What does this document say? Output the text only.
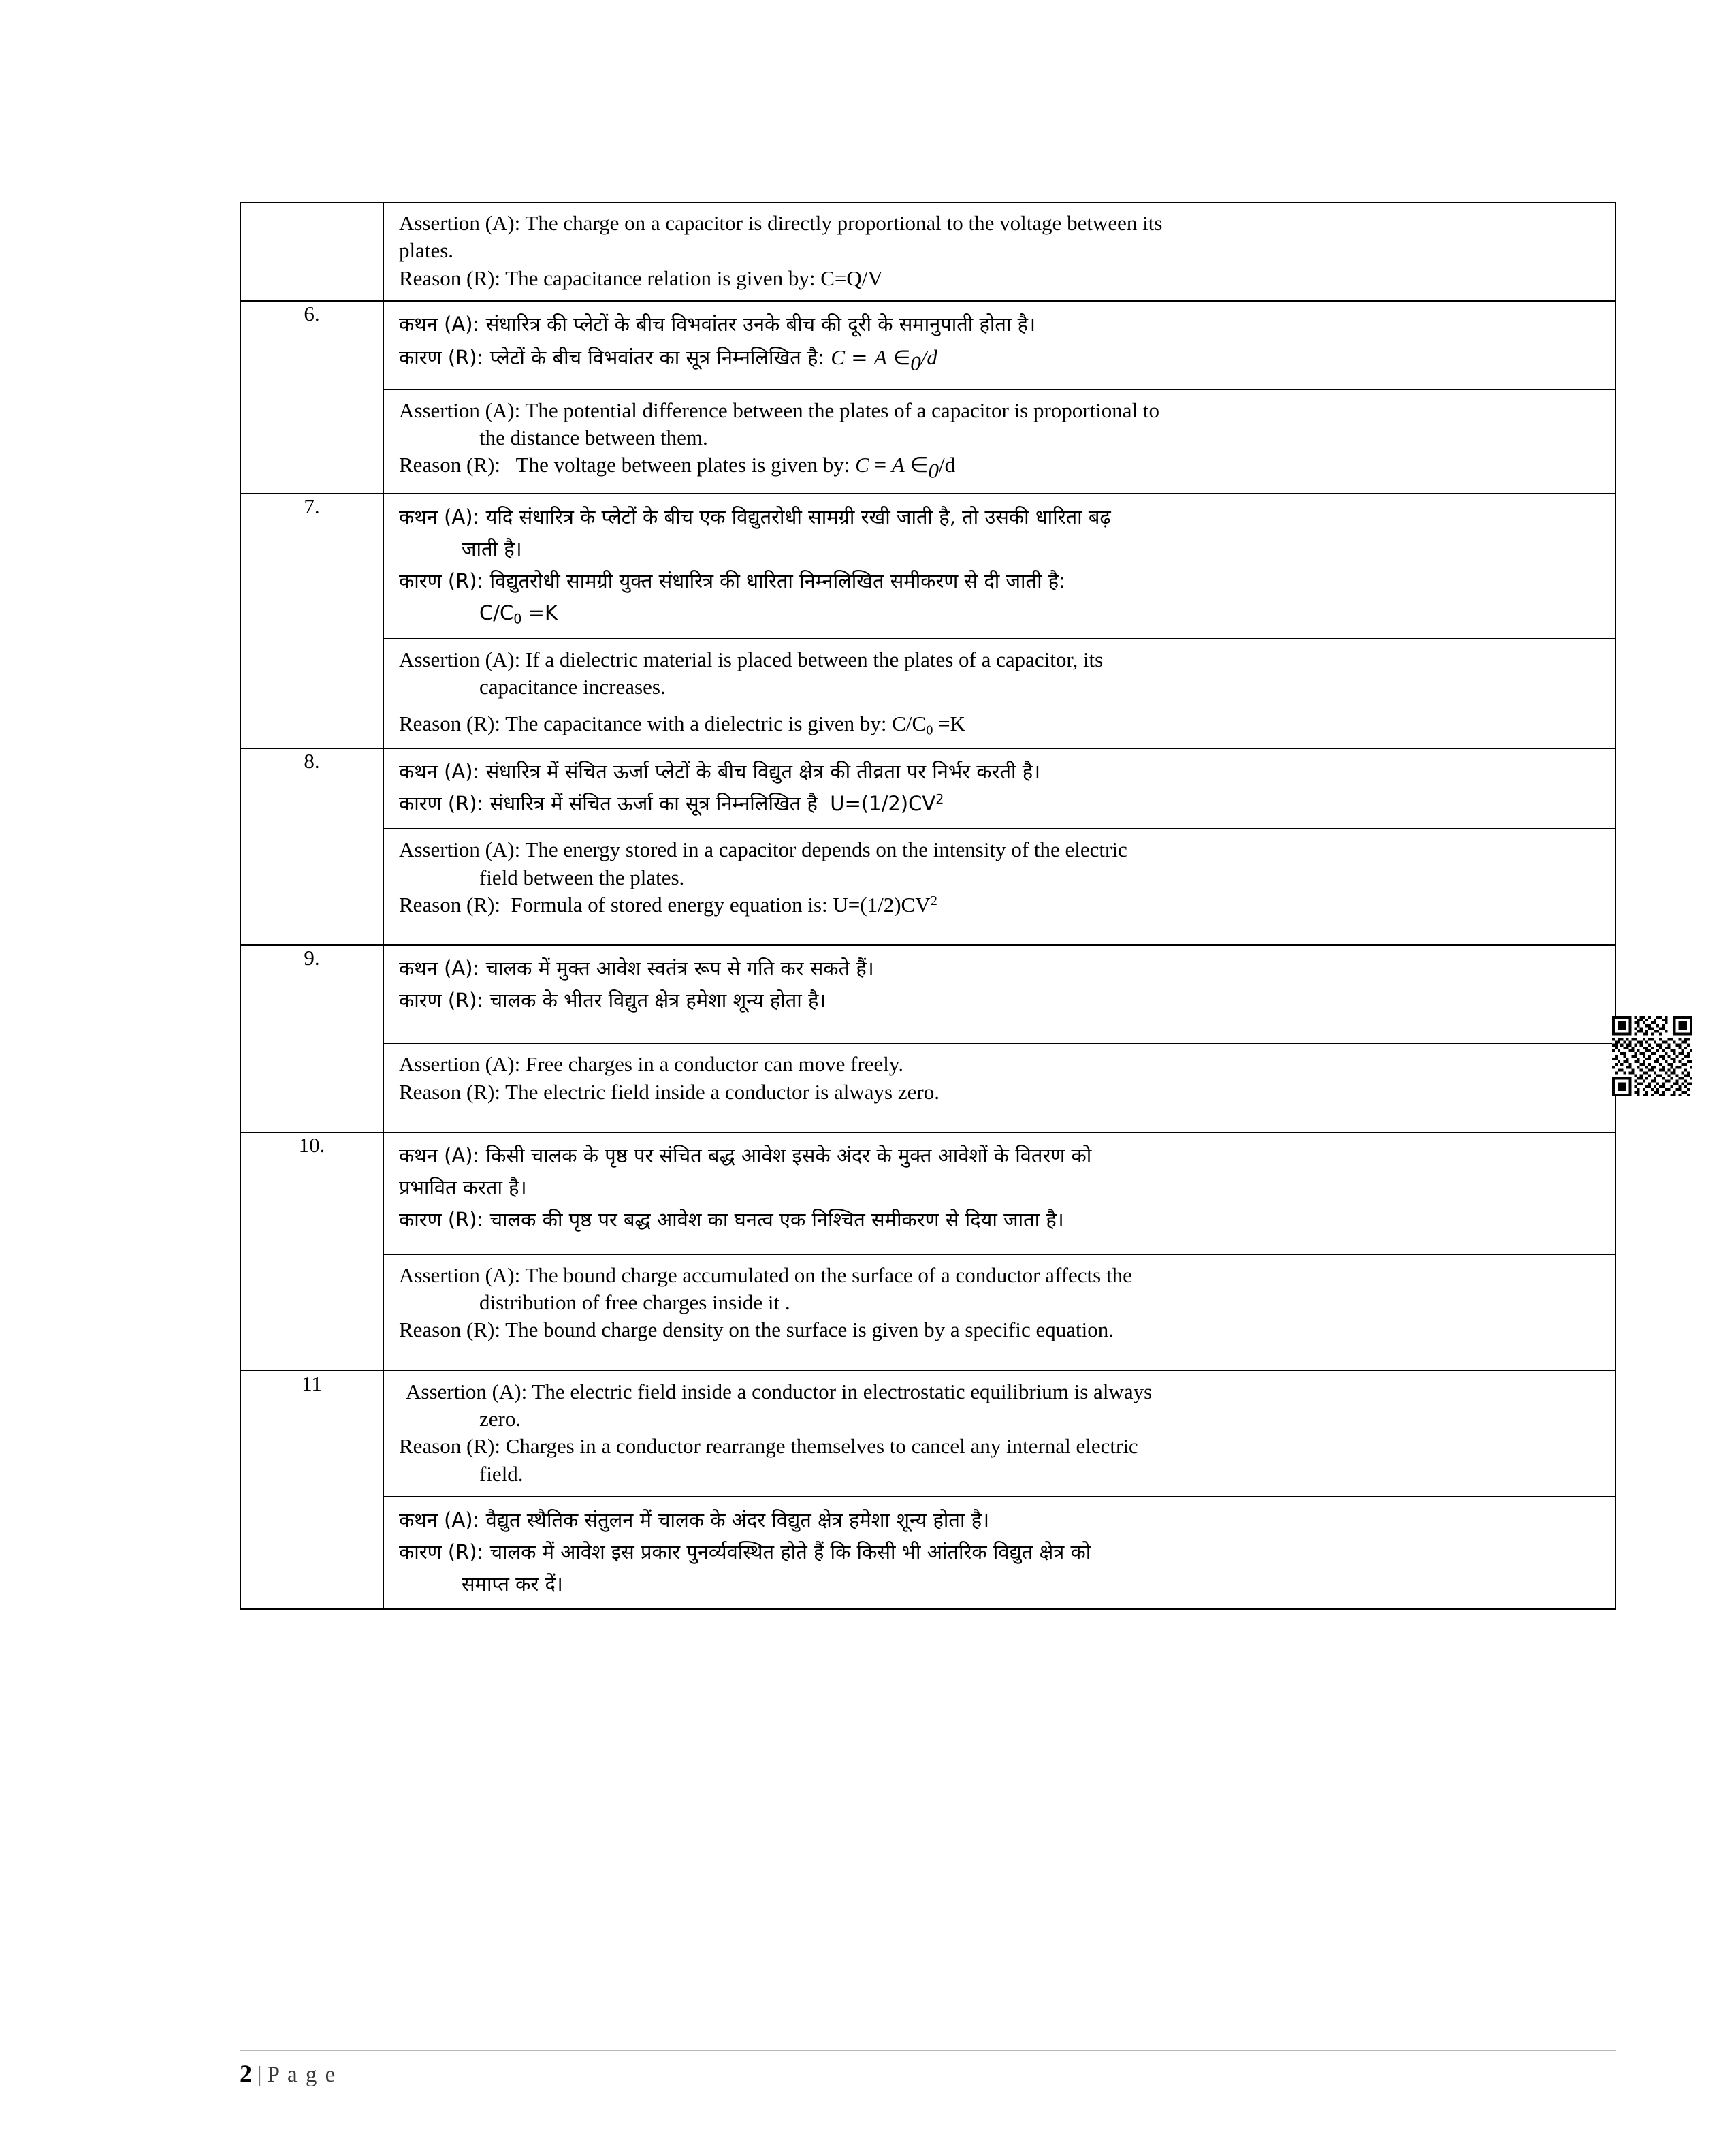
Assertion (A): The charge on a capacitor is directly proportional to the voltage between its
plates.
Reason (R): The capacitance relation is given by: C=Q/V

6.		कथन (A): संधारित्र की प्लेटों के बीच विभवांतर उनके बीच की दूरी के समानुपाती होता है।
कारण (R): प्लेटों के बीच विभवांतर का सूत्र निम्नलिखित है: C = A $\in_0/d$

Assertion (A): The potential difference between the plates of a capacitor is proportional to
the distance between them.
Reason (R):   The voltage between plates is given by: C = A $\in_0/d$

7.		कथन (A): यदि संधारित्र के प्लेटों के बीच एक विद्युतरोधी सामग्री रखी जाती है, तो उसकी धारिता बढ़
जाती है।
कारण (R): विद्युतरोधी सामग्री युक्त संधारित्र की धारिता निम्नलिखित समीकरण से दी जाती है:
$C/C_0 =K$

Assertion (A): If a dielectric material is placed between the plates of a capacitor, its
capacitance increases.
Reason (R): The capacitance with a dielectric is given by: $C/C_0 =K$

8.		कथन (A): संधारित्र में संचित ऊर्जा प्लेटों के बीच विद्युत क्षेत्र की तीव्रता पर निर्भर करती है।
कारण (R): संधारित्र में संचित ऊर्जा का सूत्र निम्नलिखित है  $U=(1/2)CV^2$

Assertion (A): The energy stored in a capacitor depends on the intensity of the electric
field between the plates.
Reason (R):  Formula of stored energy equation is: $U=(1/2)CV^2$

9.		कथन (A): चालक में मुक्त आवेश स्वतंत्र रूप से गति कर सकते हैं।
कारण (R): चालक के भीतर विद्युत क्षेत्र हमेशा शून्य होता है।

Assertion (A): Free charges in a conductor can move freely.
Reason (R): The electric field inside a conductor is always zero.

10.		कथन (A): किसी चालक के पृष्ठ पर संचित बद्ध आवेश इसके अंदर के मुक्त आवेशों के वितरण को
प्रभावित करता है।
कारण (R): चालक की पृष्ठ पर बद्ध आवेश का घनत्व एक निश्चित समीकरण से दिया जाता है।

Assertion (A): The bound charge accumulated on the surface of a conductor affects the
distribution of free charges inside it .
Reason (R): The bound charge density on the surface is given by a specific equation.

11		Assertion (A): The electric field inside a conductor in electrostatic equilibrium is always
zero.
Reason (R): Charges in a conductor rearrange themselves to cancel any internal electric
field.

कथन (A): वैद्युत स्थैतिक संतुलन में चालक के अंदर विद्युत क्षेत्र हमेशा शून्य होता है।
कारण (R): चालक में आवेश इस प्रकार पुनर्व्यवस्थित होते हैं कि किसी भी आंतरिक विद्युत क्षेत्र को
समाप्त कर दें।
2 | P a g e
